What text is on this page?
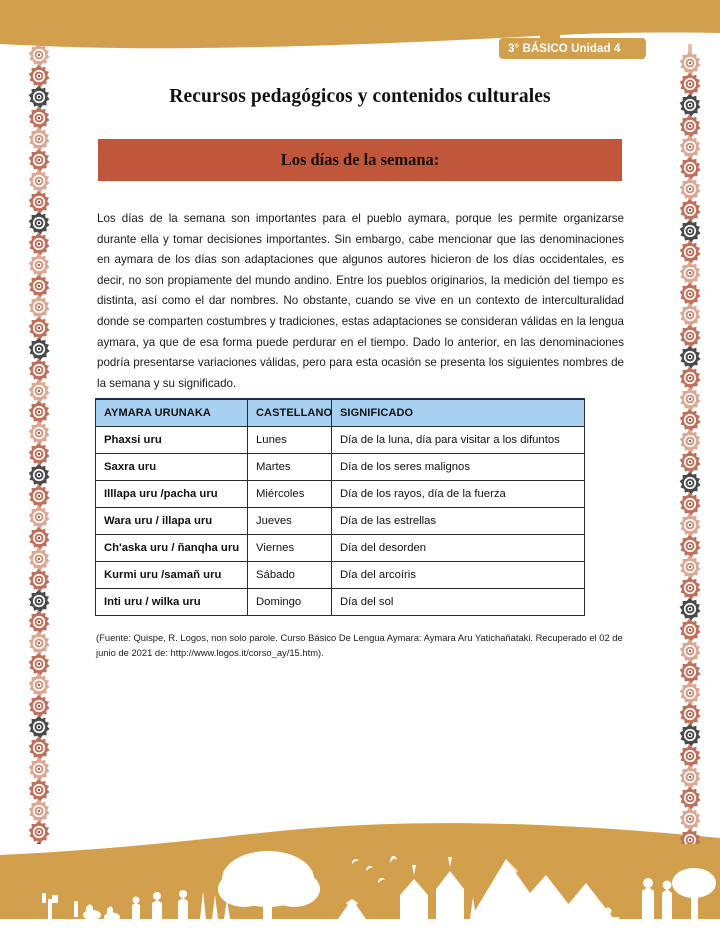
3° BÁSICO Unidad 4
Recursos pedagógicos y contenidos culturales
Los días de la semana:
Los días de la semana son importantes para el pueblo aymara, porque les permite organizarse durante ella y tomar decisiones importantes. Sin embargo, cabe mencionar que las denominaciones en aymara de los días son adaptaciones que algunos autores hicieron de los días occidentales, es decir, no son propiamente del mundo andino. Entre los pueblos originarios, la medición del tiempo es distinta, así como el dar nombres. No obstante, cuando se vive en un contexto de interculturalidad donde se comparten costumbres y tradiciones, estas adaptaciones se consideran válidas en la lengua aymara, ya que de esa forma puede perdurar en el tiempo. Dado lo anterior, en las denominaciones podría presentarse variaciones válidas, pero para esta ocasión se presenta los siguientes nombres de la semana y su significado.
AYMARA URUNAKA	CASTELLANO	SIGNIFICADO
Phaxsi uru	Lunes	Día de la luna, día para visitar a los difuntos
Saxra uru	Martes	Día de los seres malignos
Illlapa uru /pacha uru	Miércoles	Día de los rayos, día de la fuerza
Wara uru / illapa uru	Jueves	Día de las estrellas
Ch'aska uru / ñanqha uru	Viernes	Día del desorden
Kurmi uru /samañ uru	Sábado	Día del arcoíris
Inti uru / wilka uru	Domingo	Día del sol
(Fuente: Quispe, R. Logos, non solo parole. Curso Básico De Lengua Aymara: Aymara Aru Yatichañataki. Recuperado el 02 de junio de 2021 de: http://www.logos.it/corso_ay/15.htm).
